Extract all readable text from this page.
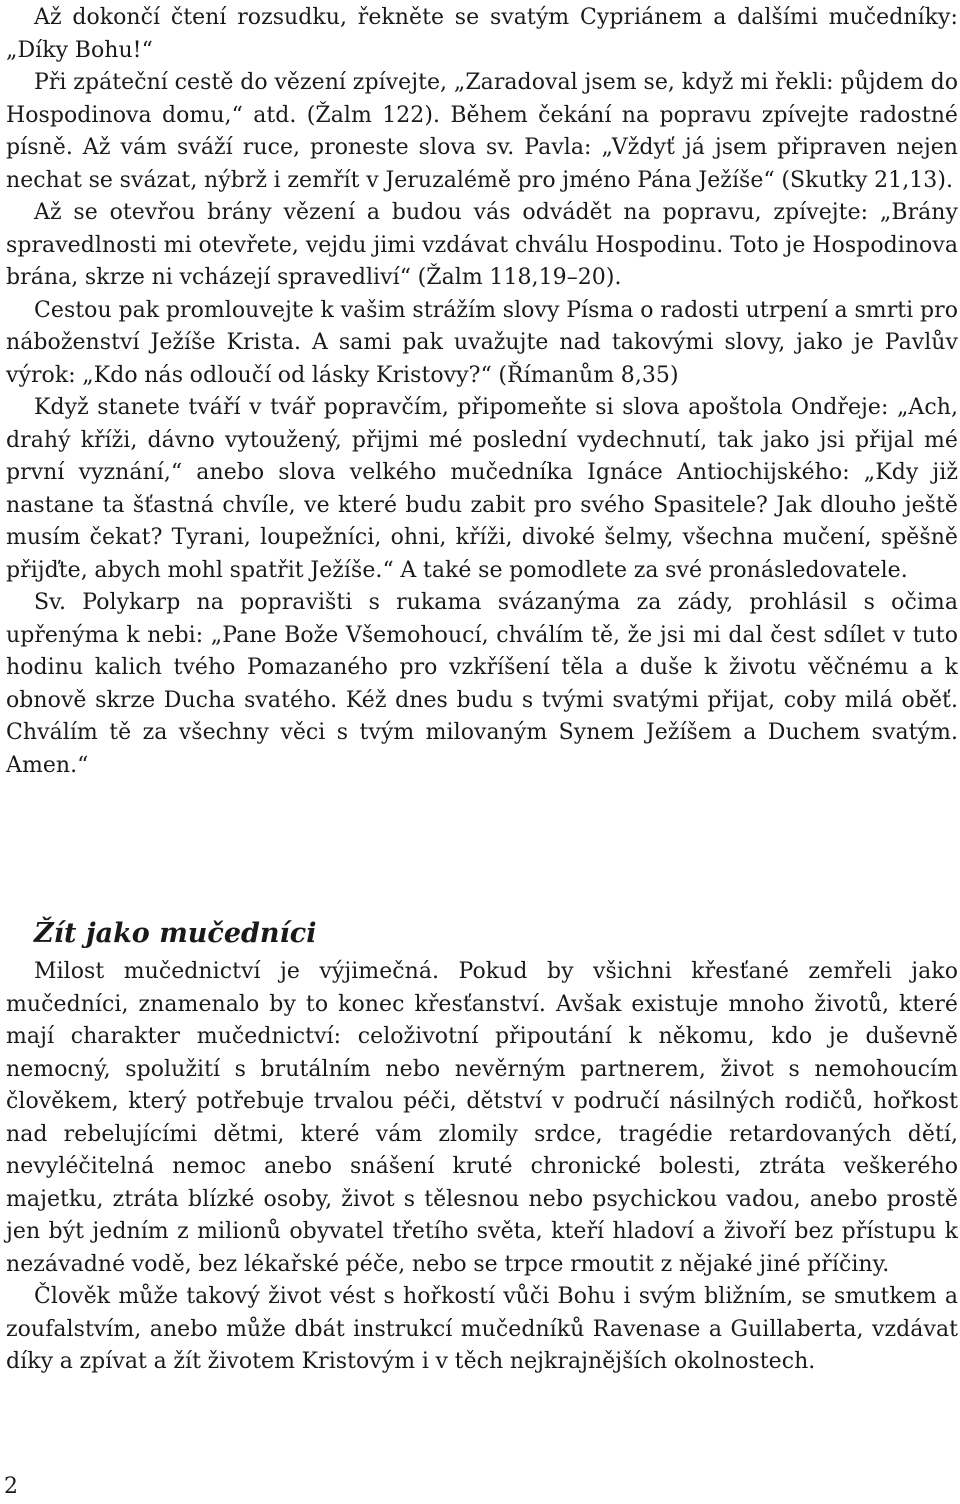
Až dokončí čtení rozsudku, řekněte se svatým Cypriánem a dalšími mučedníky: „Díky Bohu!“

Při zpáteční cestě do vězení zpívejte, „Zaradoval jsem se, když mi řekli: půjdem do Hospodinova domu,“ atd. (Žalm 122). Během čekání na popravu zpívejte radostné písně. Až vám sváží ruce, proneste slova sv. Pavla: „Vždyť já jsem připraven nejen nechat se svázat, nýbrž i zemřít v Jeruzalémě pro jméno Pána Ježíše“ (Skutky 21,13).

Až se otevřou brány vězení a budou vás odvádět na popravu, zpívejte: „Brány spravedlnosti mi otevřete, vejdu jimi vzdávat chválu Hospodinu. Toto je Hospodinova brána, skrze ni vcházejí spravedliví“ (Žalm 118,19–20).

Cestou pak promlouvejte k vašim strážím slovy Písma o radosti utrpení a smrti pro náboženství Ježíše Krista. A sami pak uvažujte nad takovými slovy, jako je Pavlův výrok: „Kdo nás odloučí od lásky Kristovy?“ (Římanům 8,35)

Když stanete tváří v tvář popravčím, připomeňte si slova apoštola Ondřeje: „Ach, drahý kříži, dávno vytoužený, přijmi mé poslední vydechnutí, tak jako jsi přijal mé první vyznání,“ anebo slova velkého mučedníka Ignáce Antiochijského: „Kdy již nastane ta šťastná chvíle, ve které budu zabit pro svého Spasitele? Jak dlouho ještě musím čekat? Tyrani, loupežníci, ohni, kříži, divoké šelmy, všechna mučení, spěšně přijďte, abych mohl spatřit Ježíše.“ A také se pomodlete za své pronásledovatele.

Sv. Polykarp na popravišti s rukama svázanýma za zády, prohlásil s očima upřenýma k nebi: „Pane Bože Všemohoucí, chválím tě, že jsi mi dal čest sdílet v tuto hodinu kalich tvého Pomazaného pro vzkříšení těla a duše k životu věčnému a k obnově skrze Ducha svatého. Kéž dnes budu s tvými svatými přijat, coby milá oběť. Chválím tě za všechny věci s tvým milovaným Synem Ježíšem a Duchem svatým. Amen.“

Žít jako mučedníci

Milost mučednictví je výjimečná. Pokud by všichni křesťané zemřeli jako mučedníci, znamenalo by to konec křesťanství. Avšak existuje mnoho životů, které mají charakter mučednictví: celoživotní připoutání k někomu, kdo je duševně nemocný, spolužití s brutálním nebo nevěrným partnerem, život s nemohoucím člověkem, který potřebuje trvalou péči, dětství v područí násilných rodičů, hořkost nad rebelujícími dětmi, které vám zlomily srdce, tragédie retardovaných dětí, nevyléčitelná nemoc anebo snášení kruté chronické bolesti, ztráta veškerého majetku, ztráta blízké osoby, život s tělesnou nebo psychickou vadou, anebo prostě jen být jedním z milionů obyvatel třetího světa, kteří hladoví a živoří bez přístupu k nezávadné vodě, bez lékařské péče, nebo se trpce rmoutit z nějaké jiné příčiny.

Člověk může takový život vést s hořkostí vůči Bohu i svým bližním, se smutkem a zoufalstvím, anebo může dbát instrukcí mučedníků Ravenase a Guillaberta, vzdávat díky a zpívat a žít životem Kristovým i v těch nejkrajnějších okolnostech.

2
